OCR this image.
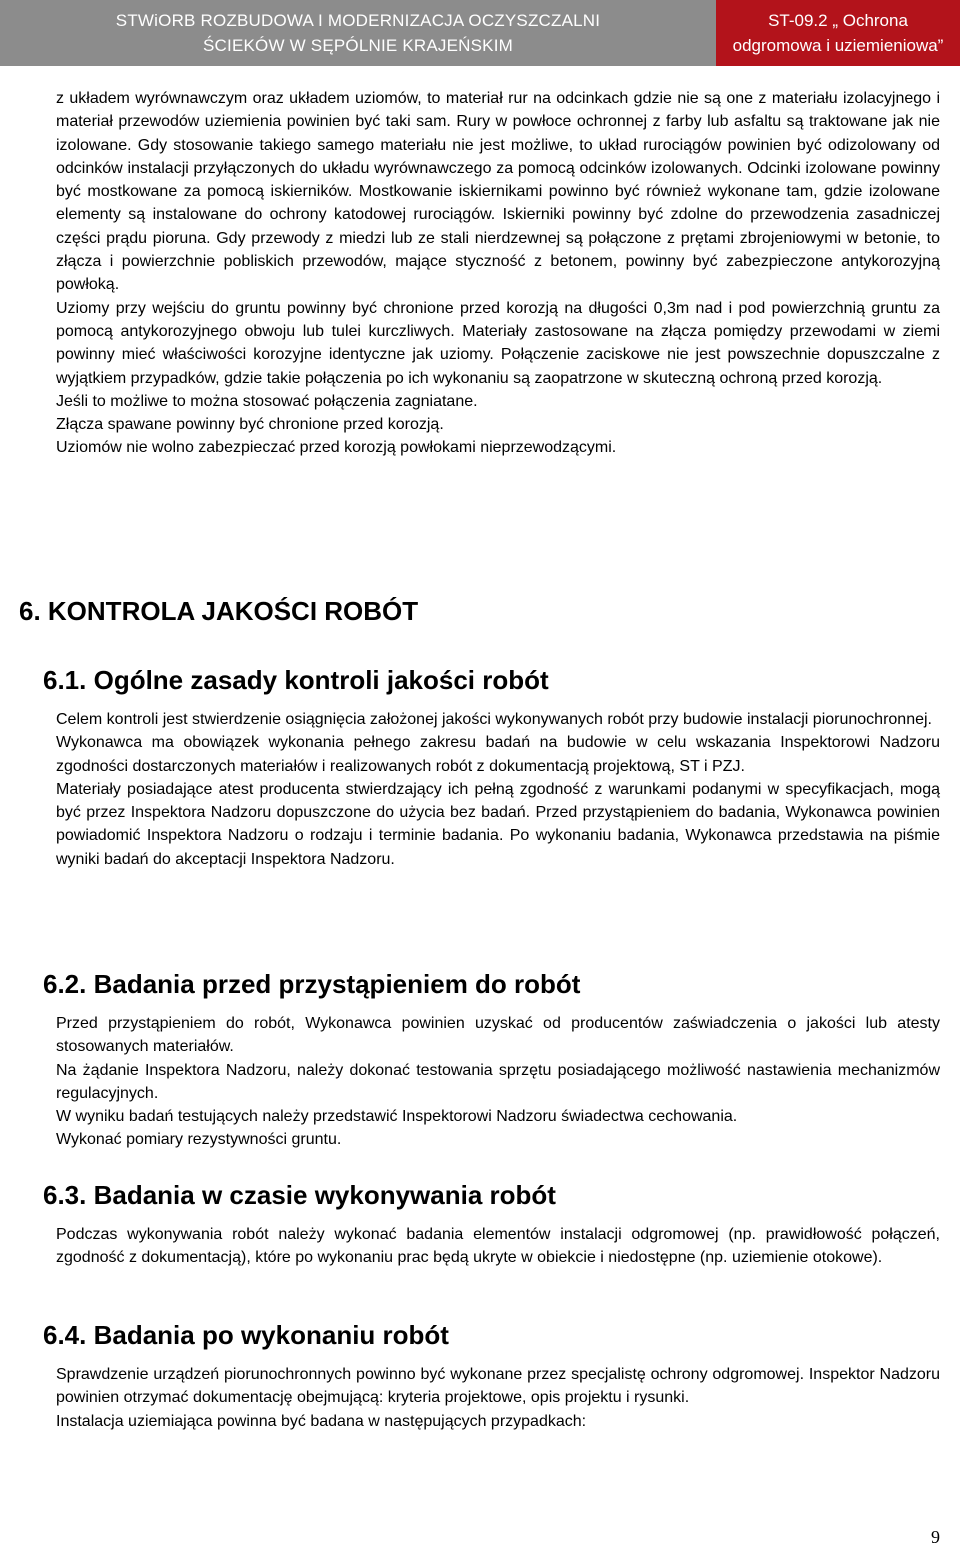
STWiORB ROZBUDOWA I MODERNIZACJA OCZYSZCZALNI
ŚCIEKÓW W SĘPÓLNIE KRAJEŃSKIM
ST-09.2 „ Ochrona
odgromowa i uziemieniowa”

z układem wyrównawczym oraz układem uziomów, to materiał rur na odcinkach gdzie nie są one z materiału izolacyjnego i materiał przewodów uziemienia powinien być taki sam. Rury w powłoce ochronnej z farby lub asfaltu są traktowane jak nie izolowane. Gdy stosowanie takiego samego materiału nie jest możliwe, to układ rurociągów powinien być odizolowany od odcinków instalacji przyłączonych do układu wyrównawczego za pomocą odcinków izolowanych. Odcinki izolowane powinny być mostkowane za pomocą iskierników. Mostkowanie iskiernikami powinno być również wykonane tam, gdzie izolowane elementy są instalowane do ochrony katodowej rurociągów. Iskierniki powinny być zdolne do przewodzenia zasadniczej części prądu pioruna. Gdy przewody z miedzi lub ze stali nierdzewnej są połączone z prętami zbrojeniowymi w betonie, to złącza i powierzchnie pobliskich przewodów, mające styczność z betonem, powinny być zabezpieczone antykorozyjną powłoką.

Uziomy przy wejściu do gruntu powinny być chronione przed korozją na długości 0,3m nad i pod powierzchnią gruntu za pomocą antykorozyjnego obwoju lub tulei kurczliwych. Materiały zastosowane na złącza pomiędzy przewodami w ziemi powinny mieć właściwości korozyjne identyczne jak uziomy. Połączenie zaciskowe nie jest powszechnie dopuszczalne z wyjątkiem przypadków, gdzie takie połączenia po ich wykonaniu są zaopatrzone w skuteczną ochroną przed korozją.

Jeśli to możliwe to można stosować połączenia zagniatane.

Złącza spawane powinny być chronione przed korozją.

Uziomów nie wolno zabezpieczać przed korozją powłokami nieprzewodzącymi.

6. KONTROLA JAKOŚCI ROBÓT
6.1. Ogólne zasady kontroli jakości robót

Celem kontroli jest stwierdzenie osiągnięcia założonej jakości wykonywanych robót przy budowie instalacji piorunochronnej.

Wykonawca ma obowiązek wykonania pełnego zakresu badań na budowie w celu wskazania Inspektorowi Nadzoru zgodności dostarczonych materiałów i realizowanych robót z dokumentacją projektową, ST i PZJ.

Materiały posiadające atest producenta stwierdzający ich pełną zgodność z warunkami podanymi w specyfikacjach, mogą być przez Inspektora Nadzoru dopuszczone do użycia bez badań. Przed przystąpieniem do badania, Wykonawca powinien powiadomić Inspektora Nadzoru o rodzaju i terminie badania. Po wykonaniu badania, Wykonawca przedstawia na piśmie wyniki badań do akceptacji Inspektora Nadzoru.

6.2. Badania przed przystąpieniem do robót

Przed przystąpieniem do robót, Wykonawca powinien uzyskać od producentów zaświadczenia o jakości lub atesty stosowanych materiałów.

Na żądanie Inspektora Nadzoru, należy dokonać testowania sprzętu posiadającego możliwość nastawienia mechanizmów regulacyjnych.

W wyniku badań testujących należy przedstawić Inspektorowi Nadzoru świadectwa cechowania.

Wykonać pomiary rezystywności gruntu.

6.3. Badania w czasie wykonywania robót

Podczas wykonywania robót należy wykonać badania elementów instalacji odgromowej (np. prawidłowość połączeń, zgodność z dokumentacją), które po wykonaniu prac będą ukryte w obiekcie i niedostępne (np. uziemienie otokowe).

6.4. Badania po wykonaniu robót

Sprawdzenie urządzeń piorunochronnych powinno być wykonane przez specjalistę ochrony odgromowej. Inspektor Nadzoru powinien otrzymać dokumentację obejmującą: kryteria projektowe, opis projektu i rysunki.

Instalacja uziemiająca powinna być badana w następujących przypadkach:

9
